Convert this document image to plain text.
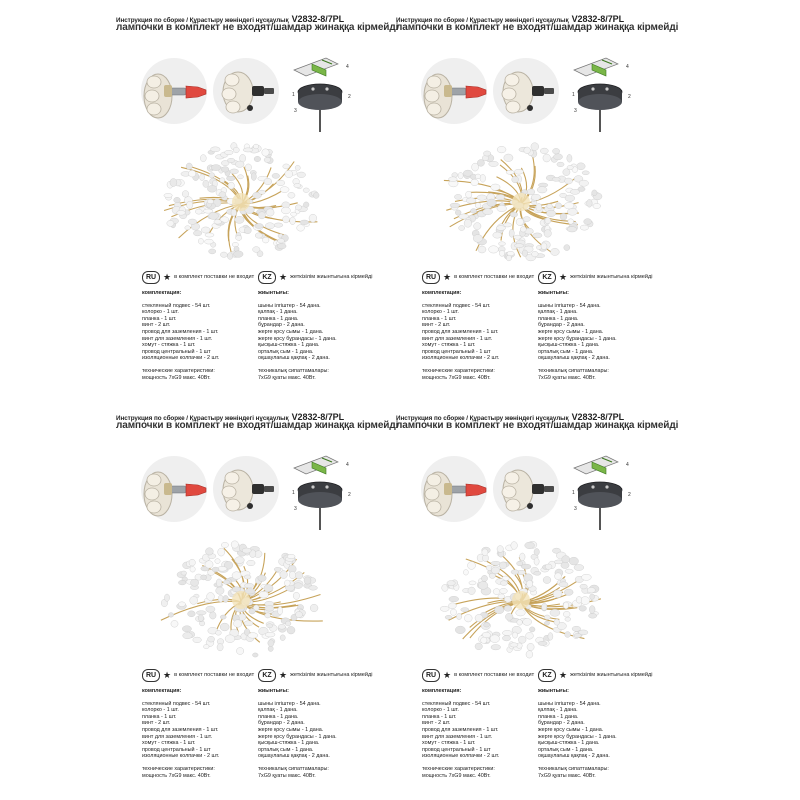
Инструкция по сборке / Құрастыру жөніндегі нұсқаулық V2832-8/7PL
лампочки в комплект не входят/шамдар жинаққа кірмейді
4
1	2
3
RU ★ в комплект поставки не входит	KZ ★ жеткізілім жиынтығына кірмейді
комплектация:
стеклянный подвес - 54 шт.
колорко - 1 шт.
планка - 1 шт.
винт - 2 шт.
провод для заземления - 1 шт.
винт для заземления - 1 шт.
хомут - стяжка - 1 шт.
провод центральный - 1 шт
изоляционные колпачки - 2 шт.
технические характеристики:
мощность 7хG9 макс. 40Вт.
жиынтығы:
шыны ілгіштер - 54 дана.
қалпақ - 1 дана.
планка - 1 дана.
бұрандар - 2 дана.
жерге қосу сымы - 1 дана.
жерге қосу бұрандасы - 1 дана.
қысқыш-стяжка - 1 дана.
орталық сым - 1 дана.
оқшаулағыш қақпақ - 2 дана.
техникалық сипаттамалары:
7xG9 қуаты макс. 40Вт.
Инструкция по сборке / Құрастыру жөніндегі нұсқаулық V2832-8/7PL
лампочки в комплект не входят/шамдар жинаққа кірмейді
4
1	2
3
RU ★ в комплект поставки не входит	KZ ★ жеткізілім жиынтығына кірмейді
комплектация:
стеклянный подвес - 54 шт.
колорко - 1 шт.
планка - 1 шт.
винт - 2 шт.
провод для заземления - 1 шт.
винт для заземления - 1 шт.
хомут - стяжка - 1 шт.
провод центральный - 1 шт
изоляционные колпачки - 2 шт.
технические характеристики:
мощность 7хG9 макс. 40Вт.
жиынтығы:
шыны ілгіштер - 54 дана.
қалпақ - 1 дана.
планка - 1 дана.
бұрандар - 2 дана.
жерге қосу сымы - 1 дана.
жерге қосу бұрандасы - 1 дана.
қысқыш-стяжка - 1 дана.
орталық сым - 1 дана.
оқшаулағыш қақпақ - 2 дана.
техникалық сипаттамалары:
7xG9 қуаты макс. 40Вт.
Инструкция по сборке / Құрастыру жөніндегі нұсқаулық V2832-8/7PL
лампочки в комплект не входят/шамдар жинаққа кірмейді
4
1	2
3
RU ★ в комплект поставки не входит	KZ ★ жеткізілім жиынтығына кірмейді
комплектация:
стеклянный подвес - 54 шт.
колорко - 1 шт.
планка - 1 шт.
винт - 2 шт.
провод для заземления - 1 шт.
винт для заземления - 1 шт.
хомут - стяжка - 1 шт.
провод центральный - 1 шт
изоляционные колпачки - 2 шт.
технические характеристики:
мощность 7хG9 макс. 40Вт.
жиынтығы:
шыны ілгіштер - 54 дана.
қалпақ - 1 дана.
планка - 1 дана.
бұрандар - 2 дана.
жерге қосу сымы - 1 дана.
жерге қосу бұрандасы - 1 дана.
қысқыш-стяжка - 1 дана.
орталық сым - 1 дана.
оқшаулағыш қақпақ - 2 дана.
техникалық сипаттамалары:
7xG9 қуаты макс. 40Вт.
Инструкция по сборке / Құрастыру жөніндегі нұсқаулық V2832-8/7PL
лампочки в комплект не входят/шамдар жинаққа кірмейді
4
1	2
3
RU ★ в комплект поставки не входит	KZ ★ жеткізілім жиынтығына кірмейді
комплектация:
стеклянный подвес - 54 шт.
колорко - 1 шт.
планка - 1 шт.
винт - 2 шт.
провод для заземления - 1 шт.
винт для заземления - 1 шт.
хомут - стяжка - 1 шт.
провод центральный - 1 шт
изоляционные колпачки - 2 шт.
технические характеристики:
мощность 7хG9 макс. 40Вт.
жиынтығы:
шыны ілгіштер - 54 дана.
қалпақ - 1 дана.
планка - 1 дана.
бұрандар - 2 дана.
жерге қосу сымы - 1 дана.
жерге қосу бұрандасы - 1 дана.
қысқыш-стяжка - 1 дана.
орталық сым - 1 дана.
оқшаулағыш қақпақ - 2 дана.
техникалық сипаттамалары:
7xG9 қуаты макс. 40Вт.
